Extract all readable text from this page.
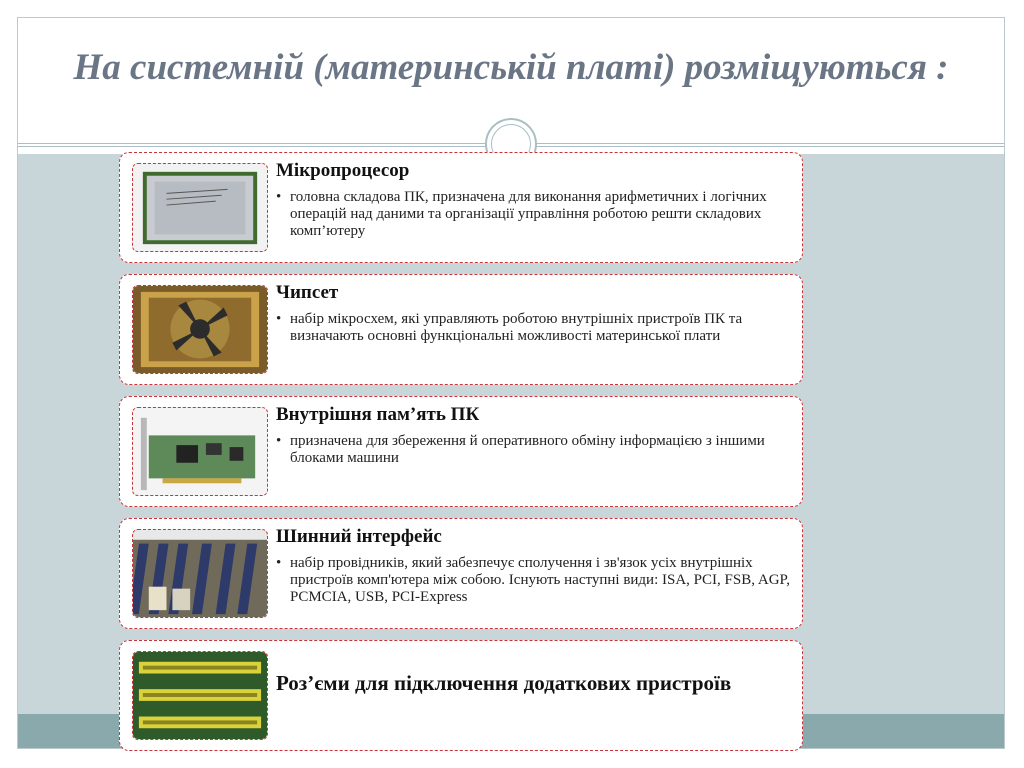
На системній (материнській платі) розміщуються :
Мікропроцесор
• головна складова ПК, призначена для виконання арифметичних і логічних операцій над даними та організації управління роботою решти складових комп’ютеру
Чипсет
• набір мікросхем, які управляють роботою внутрішніх пристроїв ПК та визначають основні функціональні можливості материнської плати
Внутрішня пам’ять ПК
• призначена для збереження й оперативного обміну інформацією з іншими блоками машини
Шинний інтерфейс
• набір провідників, який забезпечує сполучення і зв'язок усіх внутрішніх пристроїв комп'ютера між собою. Існують наступні види: ISA, PCI, FSB, AGP, PCMCIA, USB, PCI-Express
Роз’єми для підключення додаткових пристроїв
